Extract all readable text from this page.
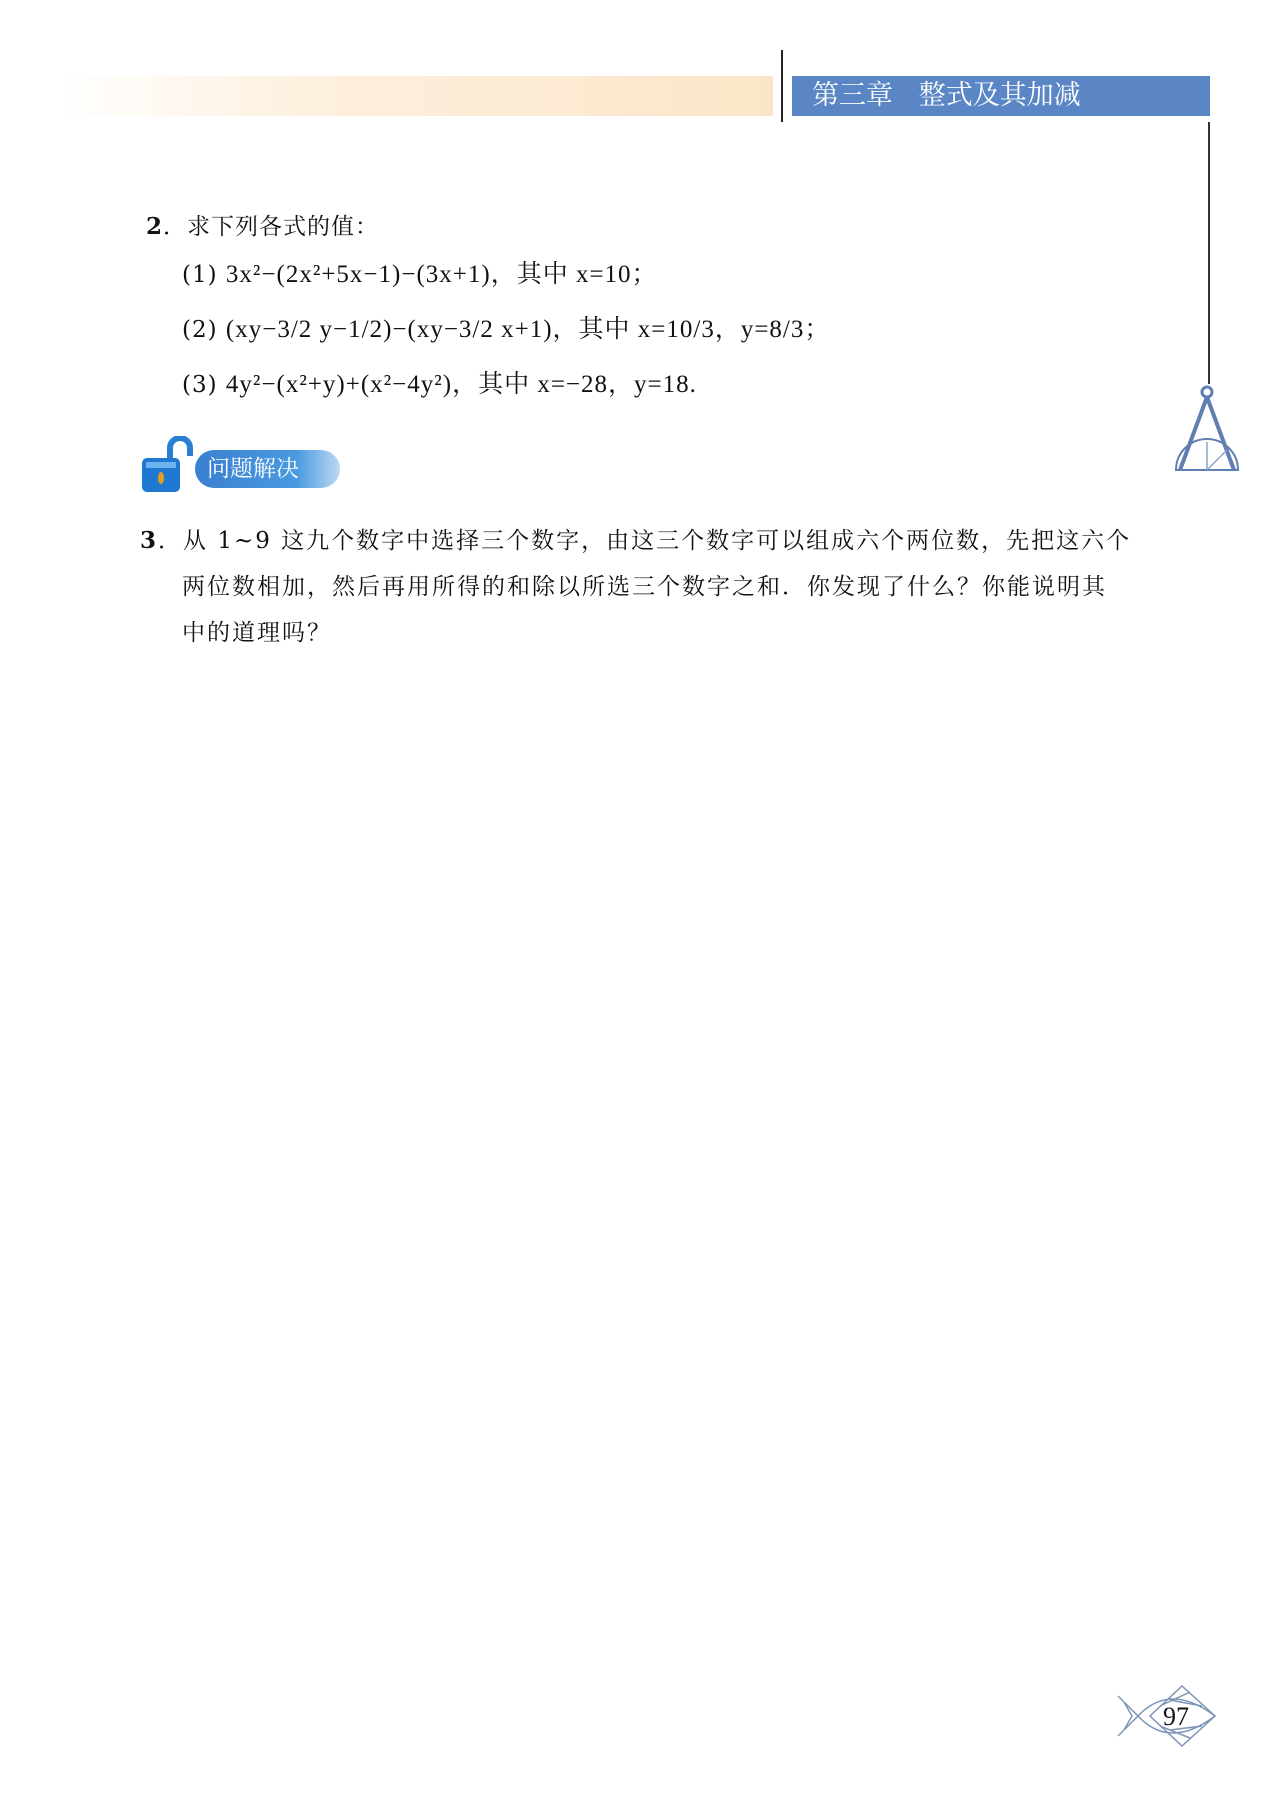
第三章 整式及其加减
2．求下列各式的值：
(1) 3x²−(2x²+5x−1)−(3x+1)，其中 x=10；
(2) (xy−3/2 y−1/2)−(xy−3/2 x+1)，其中 x=10/3，y=8/3；
(3) 4y²−(x²+y)+(x²−4y²)，其中 x=−28，y=18.
问题解决
3．从 1~9 这九个数字中选择三个数字，由这三个数字可以组成六个两位数，先把这六个
两位数相加，然后再用所得的和除以所选三个数字之和．你发现了什么？你能说明其
中的道理吗？
97
